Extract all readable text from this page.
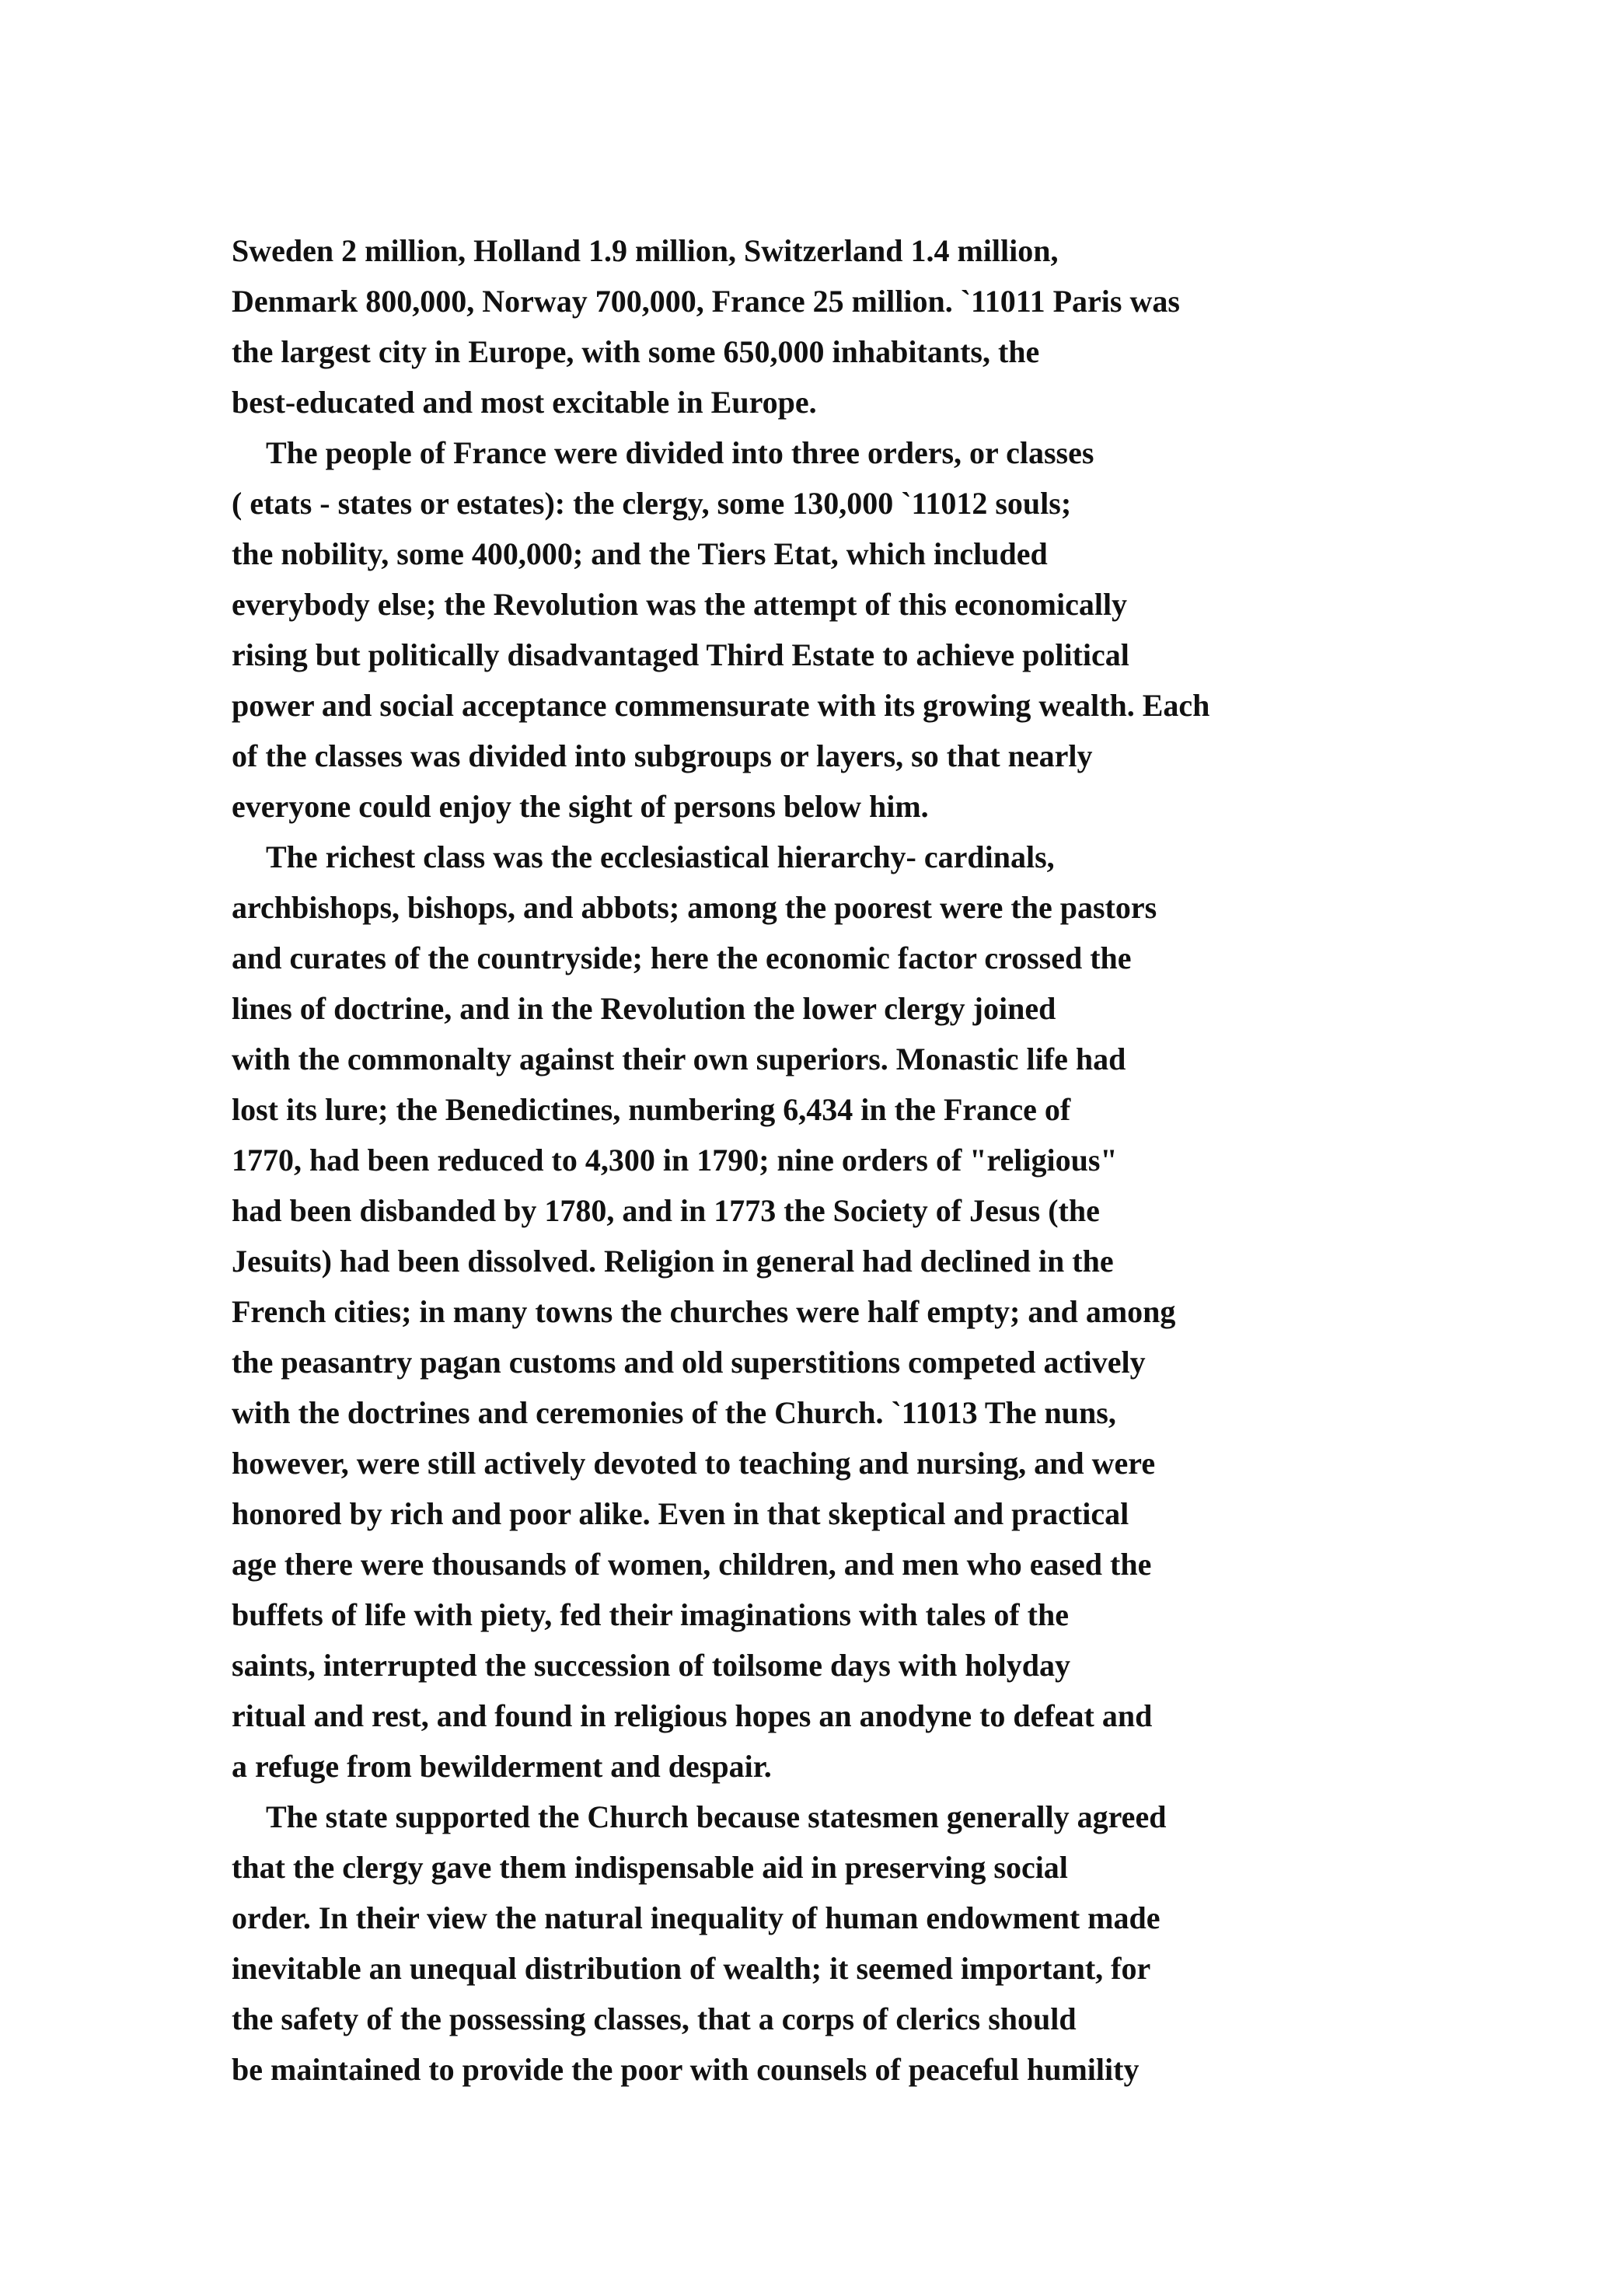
Sweden 2 million, Holland 1.9 million, Switzerland 1.4 million,
Denmark 800,000, Norway 700,000, France 25 million. `11011 Paris was
the largest city in Europe, with some 650,000 inhabitants, the
best-educated and most excitable in Europe.
The people of France were divided into three orders, or classes
( etats - states or estates): the clergy, some 130,000 `11012 souls;
the nobility, some 400,000; and the Tiers Etat, which included
everybody else; the Revolution was the attempt of this economically
rising but politically disadvantaged Third Estate to achieve political
power and social acceptance commensurate with its growing wealth. Each
of the classes was divided into subgroups or layers, so that nearly
everyone could enjoy the sight of persons below him.
The richest class was the ecclesiastical hierarchy- cardinals,
archbishops, bishops, and abbots; among the poorest were the pastors
and curates of the countryside; here the economic factor crossed the
lines of doctrine, and in the Revolution the lower clergy joined
with the commonalty against their own superiors. Monastic life had
lost its lure; the Benedictines, numbering 6,434 in the France of
1770, had been reduced to 4,300 in 1790; nine orders of "religious"
had been disbanded by 1780, and in 1773 the Society of Jesus (the
Jesuits) had been dissolved. Religion in general had declined in the
French cities; in many towns the churches were half empty; and among
the peasantry pagan customs and old superstitions competed actively
with the doctrines and ceremonies of the Church. `11013 The nuns,
however, were still actively devoted to teaching and nursing, and were
honored by rich and poor alike. Even in that skeptical and practical
age there were thousands of women, children, and men who eased the
buffets of life with piety, fed their imaginations with tales of the
saints, interrupted the succession of toilsome days with holyday
ritual and rest, and found in religious hopes an anodyne to defeat and
a refuge from bewilderment and despair.
The state supported the Church because statesmen generally agreed
that the clergy gave them indispensable aid in preserving social
order. In their view the natural inequality of human endowment made
inevitable an unequal distribution of wealth; it seemed important, for
the safety of the possessing classes, that a corps of clerics should
be maintained to provide the poor with counsels of peaceful humility
